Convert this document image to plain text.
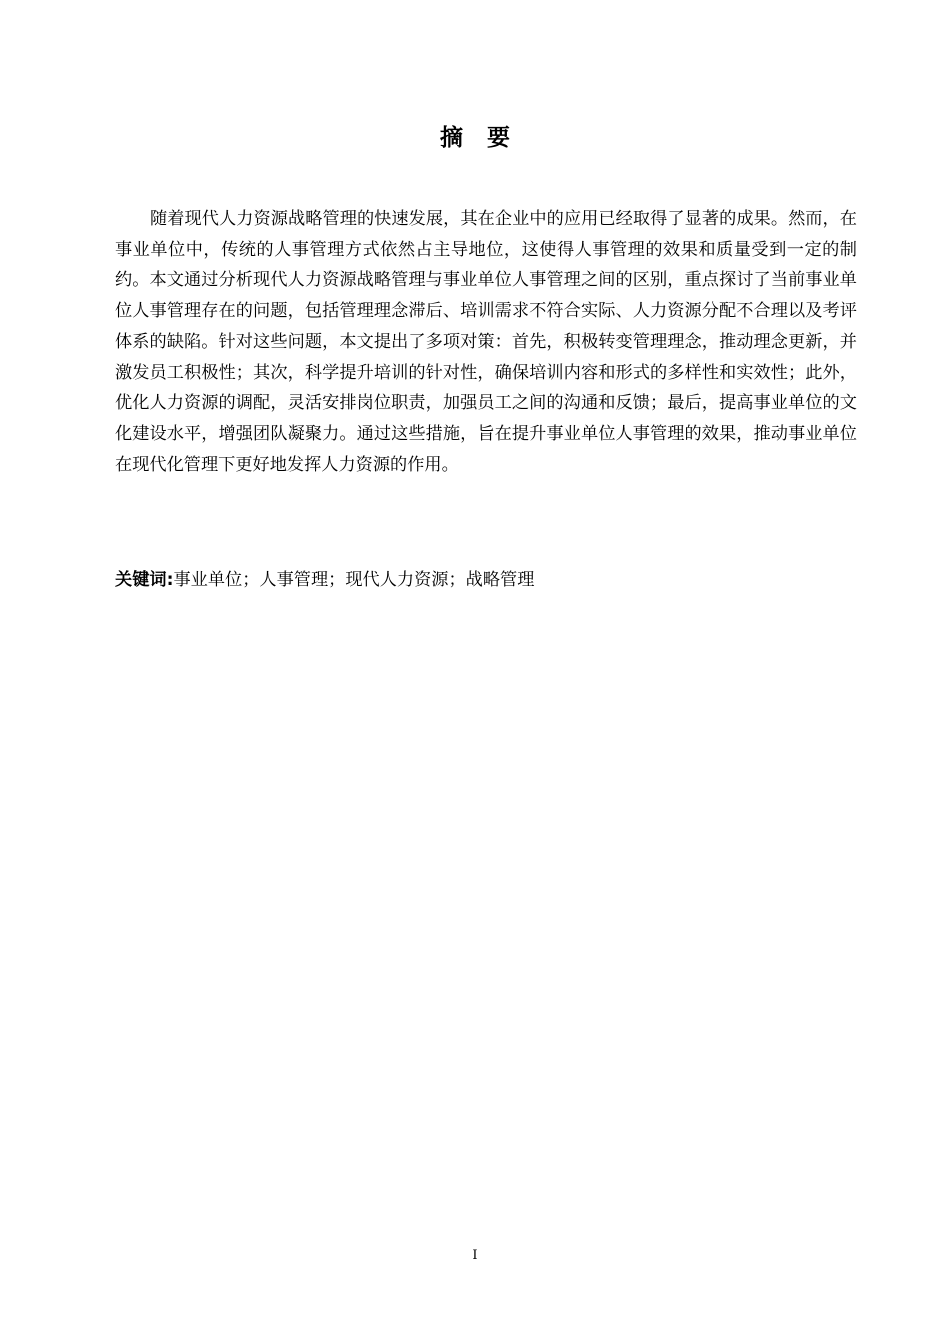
摘要

随着现代人力资源战略管理的快速发展，其在企业中的应用已经取得了显著的成果。然而，在事业单位中，传统的人事管理方式依然占主导地位，这使得人事管理的效果和质量受到一定的制约。本文通过分析现代人力资源战略管理与事业单位人事管理之间的区别，重点探讨了当前事业单位人事管理存在的问题，包括管理理念滞后、培训需求不符合实际、人力资源分配不合理以及考评体系的缺陷。针对这些问题，本文提出了多项对策：首先，积极转变管理理念，推动理念更新，并激发员工积极性；其次，科学提升培训的针对性，确保培训内容和形式的多样性和实效性；此外，优化人力资源的调配，灵活安排岗位职责，加强员工之间的沟通和反馈；最后，提高事业单位的文化建设水平，增强团队凝聚力。通过这些措施，旨在提升事业单位人事管理的效果，推动事业单位在现代化管理下更好地发挥人力资源的作用。

关键词:事业单位；人事管理；现代人力资源；战略管理

I
